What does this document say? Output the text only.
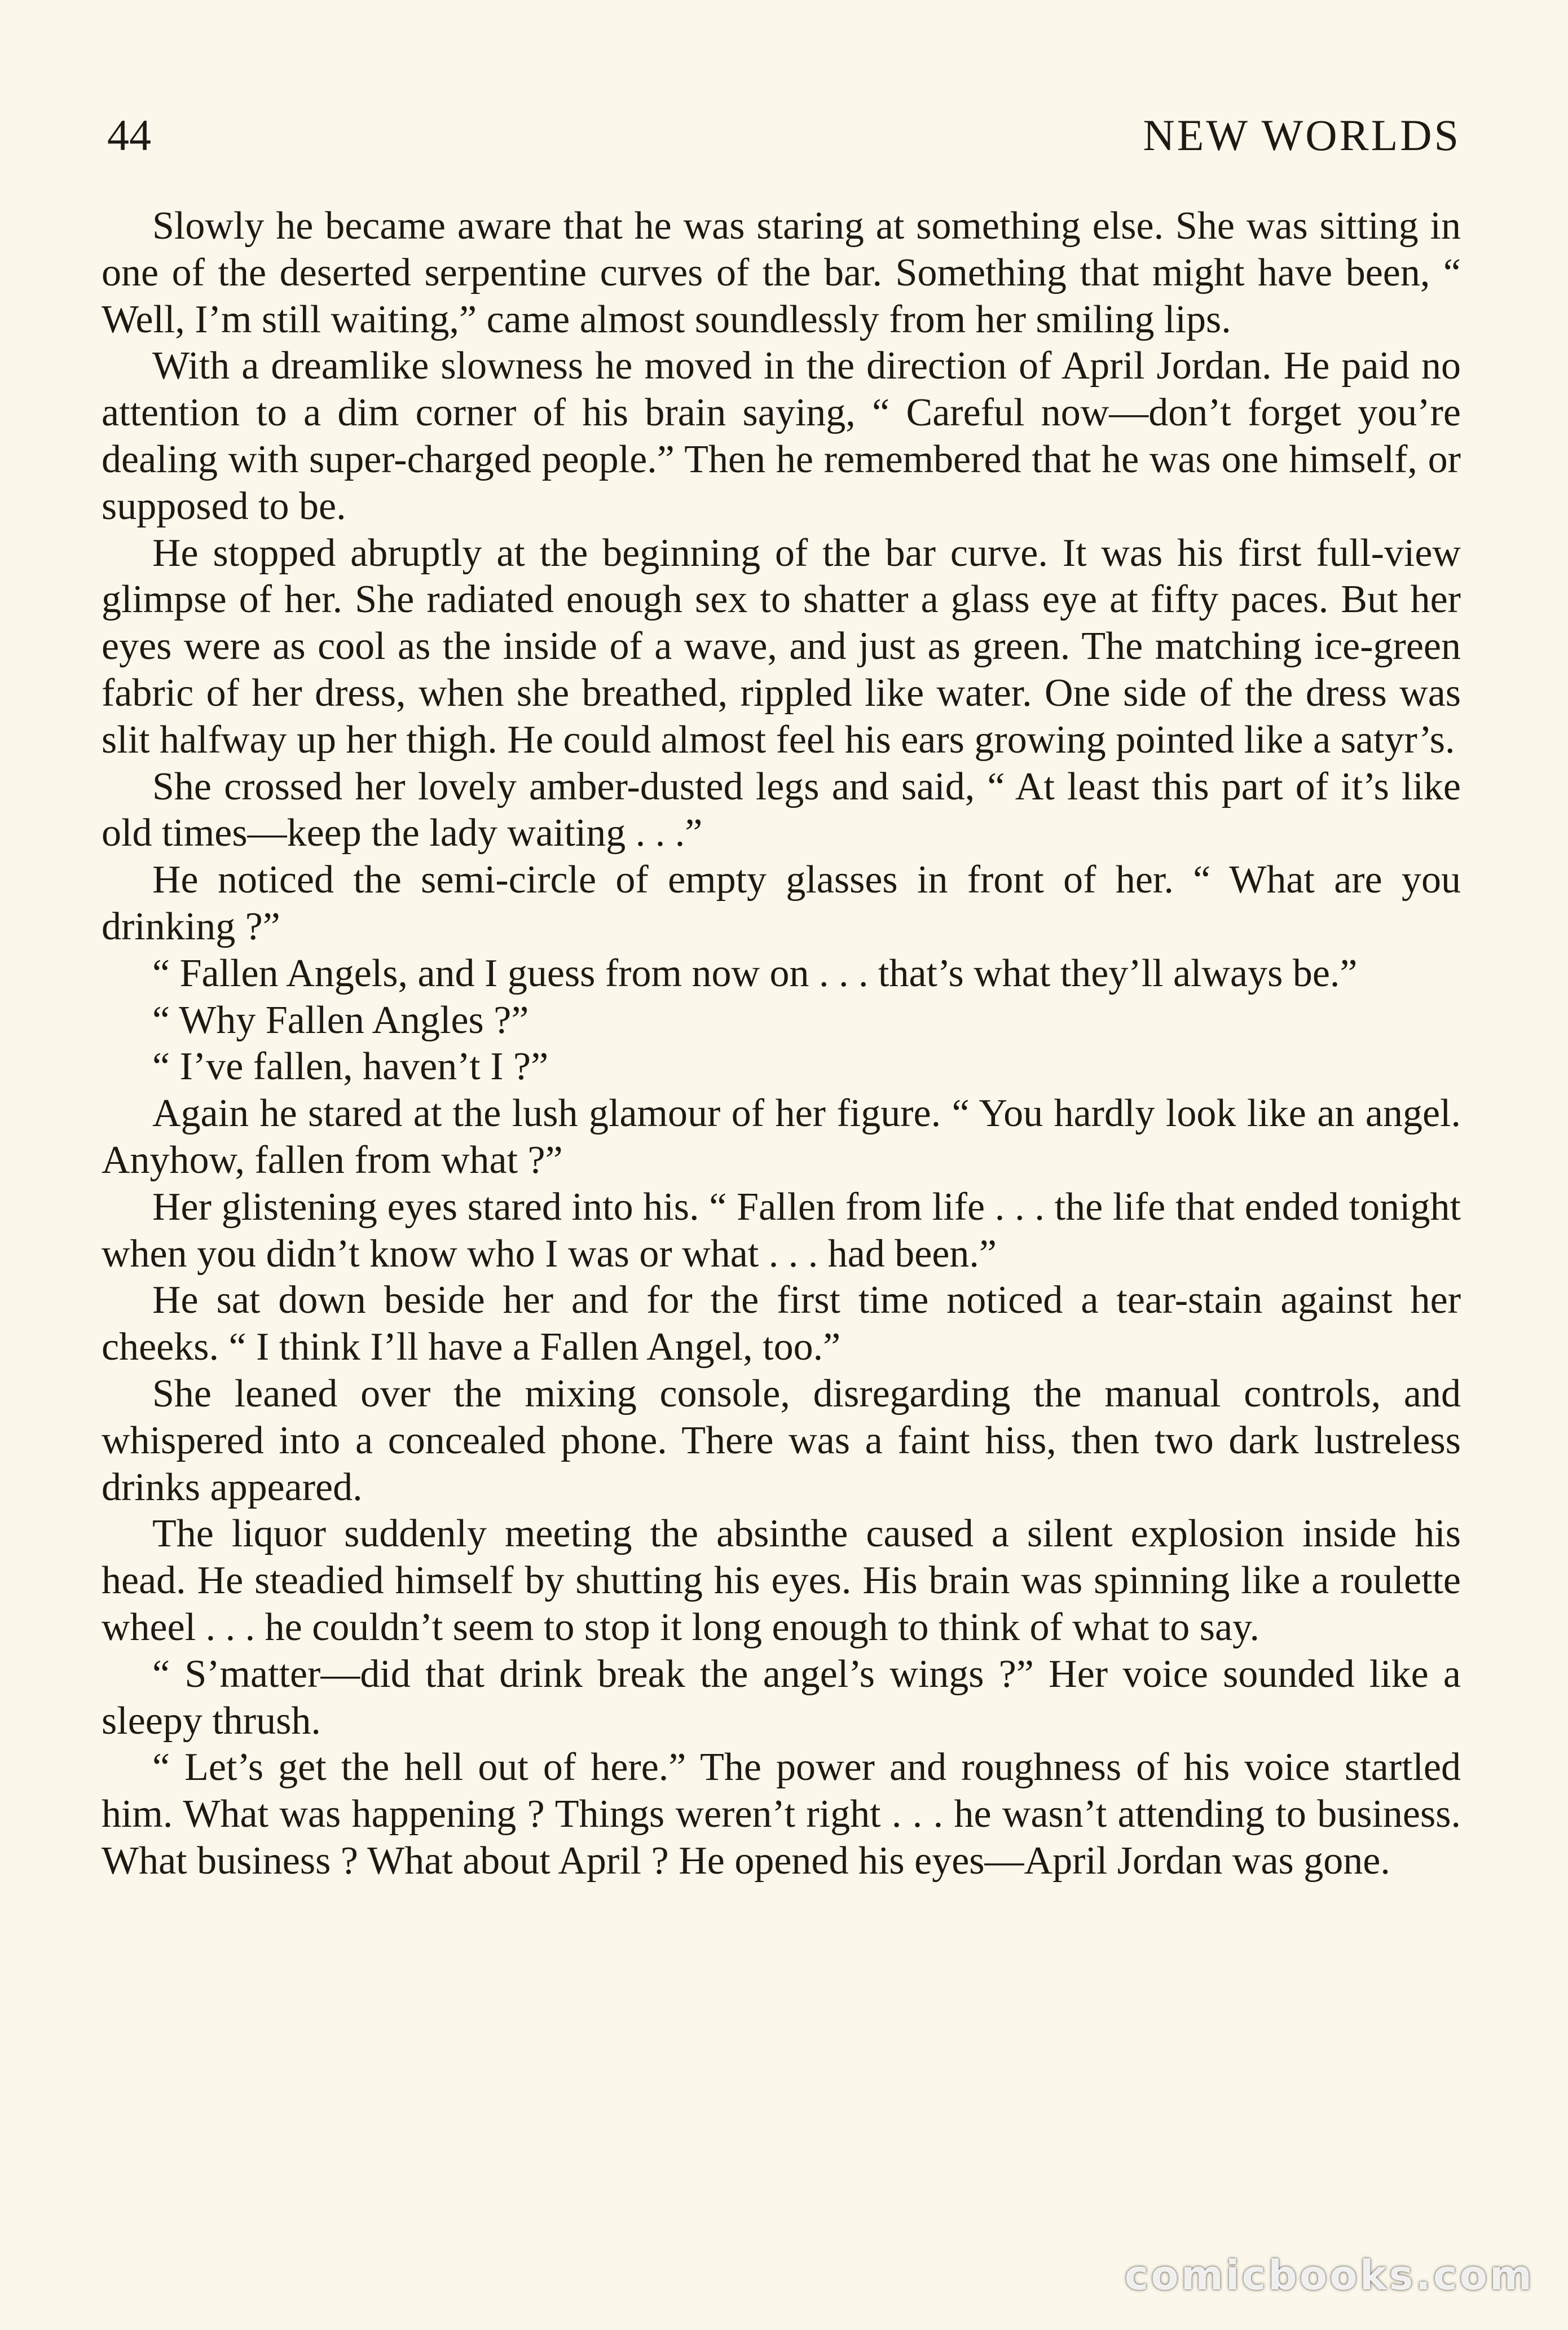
44	NEW WORLDS

Slowly he became aware that he was staring at something else. She was sitting in one of the deserted serpentine curves of the bar. Something that might have been, “ Well, I’m still waiting,” came almost soundlessly from her smiling lips.

With a dreamlike slowness he moved in the direction of April Jordan. He paid no attention to a dim corner of his brain saying, “ Careful now—don’t forget you’re dealing with super-charged people.” Then he remembered that he was one himself, or supposed to be.

He stopped abruptly at the beginning of the bar curve. It was his first full-view glimpse of her. She radiated enough sex to shatter a glass eye at fifty paces. But her eyes were as cool as the inside of a wave, and just as green. The matching ice-green fabric of her dress, when she breathed, rippled like water. One side of the dress was slit halfway up her thigh. He could almost feel his ears growing pointed like a satyr’s.

She crossed her lovely amber-dusted legs and said, “ At least this part of it’s like old times—keep the lady waiting . . .”

He noticed the semi-circle of empty glasses in front of her. “ What are you drinking ?”

“ Fallen Angels, and I guess from now on . . . that’s what they’ll always be.”

“ Why Fallen Angles ?”

“ I’ve fallen, haven’t I ?”

Again he stared at the lush glamour of her figure. “ You hardly look like an angel. Anyhow, fallen from what ?”

Her glistening eyes stared into his. “ Fallen from life . . . the life that ended tonight when you didn’t know who I was or what . . . had been.”

He sat down beside her and for the first time noticed a tear-stain against her cheeks. “ I think I’ll have a Fallen Angel, too.”

She leaned over the mixing console, disregarding the manual controls, and whispered into a concealed phone. There was a faint hiss, then two dark lustreless drinks appeared.

The liquor suddenly meeting the absinthe caused a silent explosion inside his head. He steadied himself by shutting his eyes. His brain was spinning like a roulette wheel . . . he couldn’t seem to stop it long enough to think of what to say.

“ S’matter—did that drink break the angel’s wings ?” Her voice sounded like a sleepy thrush.

“ Let’s get the hell out of here.” The power and roughness of his voice startled him. What was happening ? Things weren’t right . . . he wasn’t attending to business. What business ? What about April ? He opened his eyes—April Jordan was gone.

comicbooks.com
